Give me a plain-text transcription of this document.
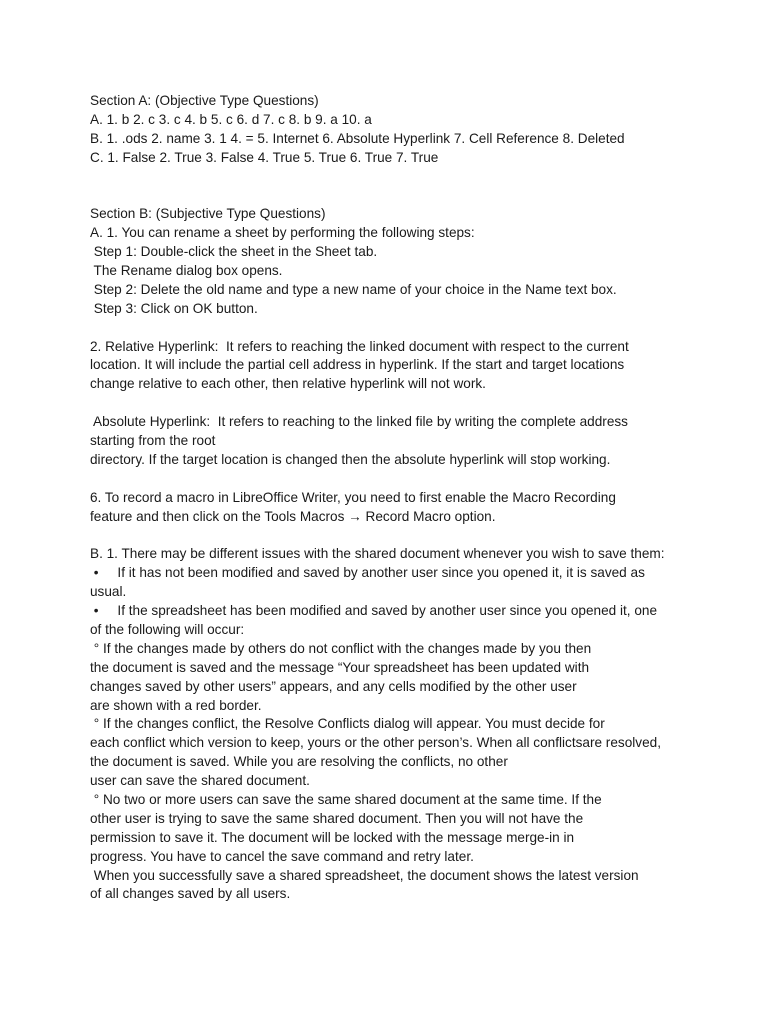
Section A: (Objective Type Questions)

A. 1. b 2. c 3. c 4. b 5. c 6. d 7. c 8. b 9. a 10. a

B. 1. .ods 2. name 3. 1 4. = 5. Internet 6. Absolute Hyperlink 7. Cell Reference 8. Deleted

C. 1. False 2. True 3. False 4. True 5. True 6. True 7. True

Section B: (Subjective Type Questions)

A. 1. You can rename a sheet by performing the following steps:

Step 1: Double-click the sheet in the Sheet tab.

The Rename dialog box opens.

Step 2: Delete the old name and type a new name of your choice in the Name text box.

Step 3: Click on OK button.

2. Relative Hyperlink:  It refers to reaching the linked document with respect to the current

location. It will include the partial cell address in hyperlink. If the start and target locations

change relative to each other, then relative hyperlink will not work.

Absolute Hyperlink:  It refers to reaching to the linked file by writing the complete address

starting from the root

directory. If the target location is changed then the absolute hyperlink will stop working.

6. To record a macro in LibreOffice Writer, you need to first enable the Macro Recording

feature and then click on the Tools Macros → Record Macro option.

B. 1. There may be different issues with the shared document whenever you wish to save them:

•     If it has not been modified and saved by another user since you opened it, it is saved as

usual.

•     If the spreadsheet has been modified and saved by another user since you opened it, one

of the following will occur:

° If the changes made by others do not conflict with the changes made by you then

the document is saved and the message “Your spreadsheet has been updated with

changes saved by other users” appears, and any cells modified by the other user

are shown with a red border.

° If the changes conflict, the Resolve Conflicts dialog will appear. You must decide for

each conflict which version to keep, yours or the other person’s. When all conflictsare resolved,

the document is saved. While you are resolving the conflicts, no other

user can save the shared document.

° No two or more users can save the same shared document at the same time. If the

other user is trying to save the same shared document. Then you will not have the

permission to save it. The document will be locked with the message merge-in in

progress. You have to cancel the save command and retry later.

When you successfully save a shared spreadsheet, the document shows the latest version

of all changes saved by all users.
